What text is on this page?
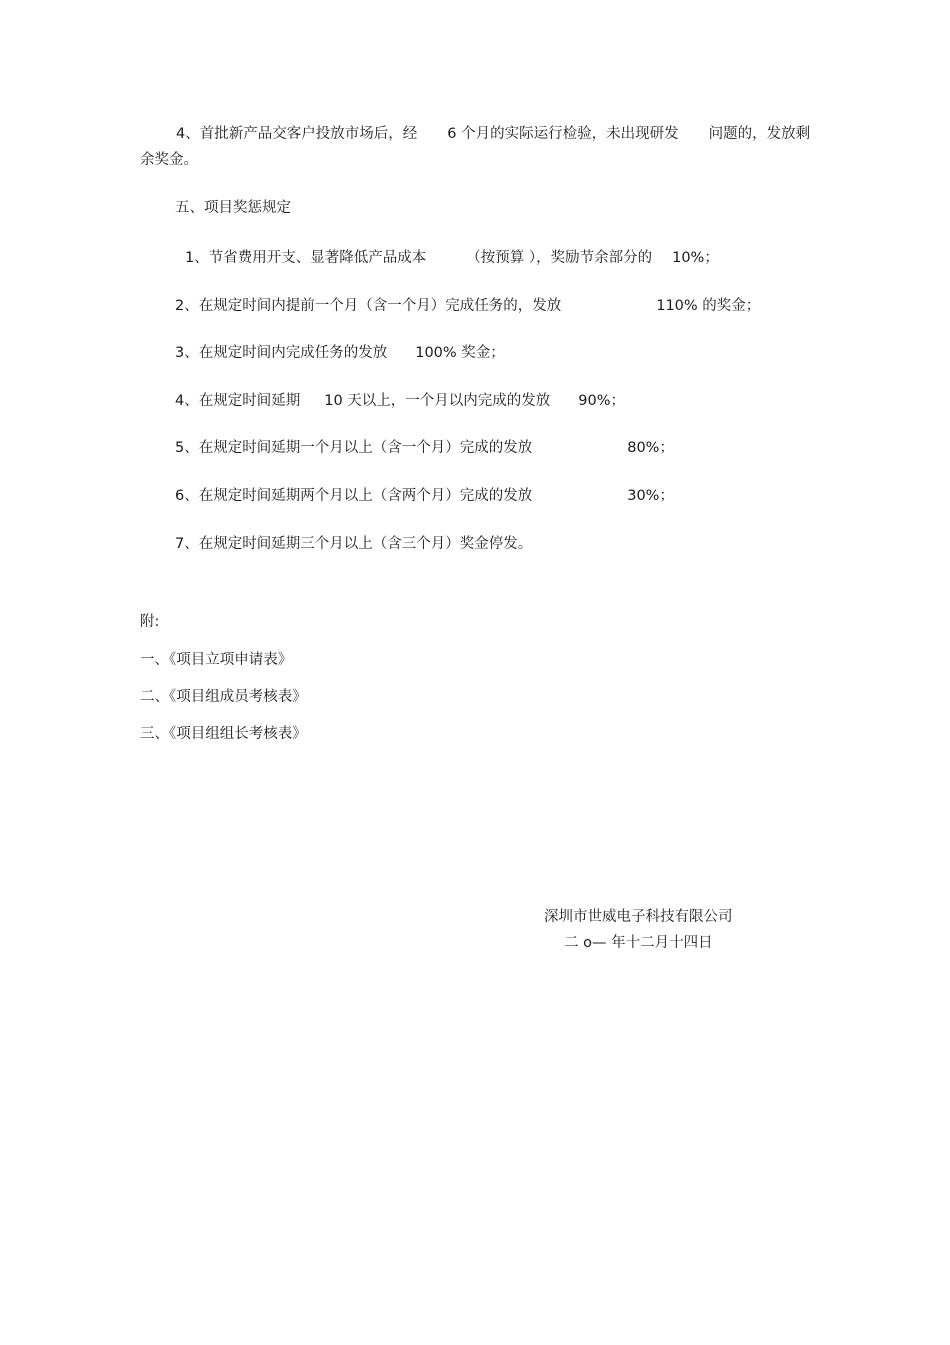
4、首批新产品交客户投放市场后，经 6 个月的实际运行检验，未出现研发 问题的，发放剩
余奖金。
五、项目奖惩规定
1、节省费用开支、显著降低产品成本	（按预算 ），奖励节余部分的 10%；
2、在规定时间内提前一个月（含一个月）完成任务的，发放	110% 的奖金；
3、在规定时间内完成任务的发放 100% 奖金；
4、在规定时间延期 10 天以上，一个月以内完成的发放 90%；
5、在规定时间延期一个月以上（含一个月）完成的发放	80%；
6、在规定时间延期两个月以上（含两个月）完成的发放	30%；
7、在规定时间延期三个月以上（含三个月）奖金停发。
附:
一、《项目立项申请表》
二、《项目组成员考核表》
三、《项目组组长考核表》
深圳市世威电子科技有限公司
二 o— 年十二月十四日
